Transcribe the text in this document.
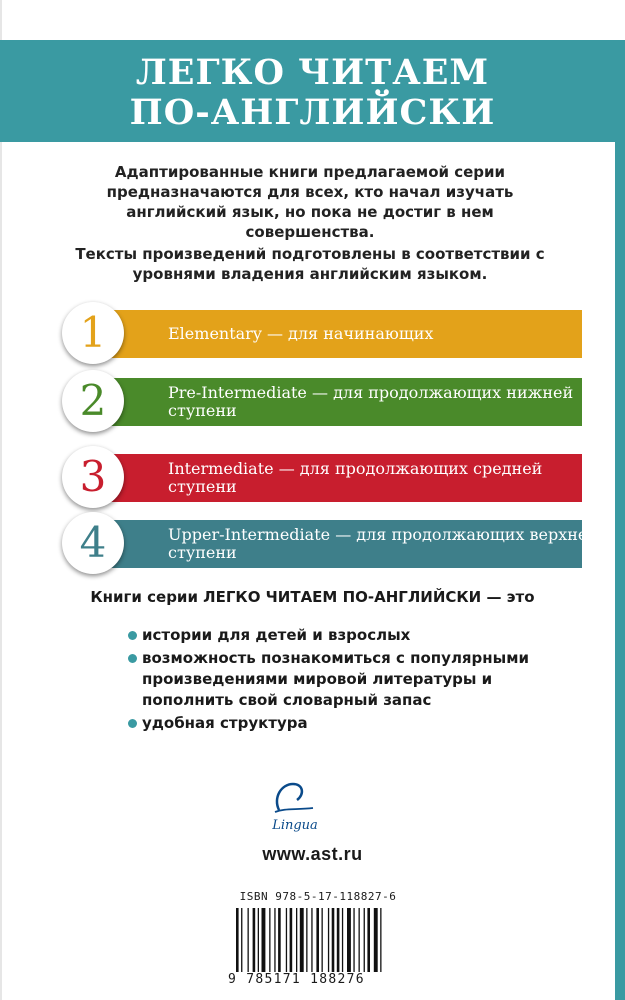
ЛЕГКО ЧИТАЕМ
ПО-АНГЛИЙСКИ
Адаптированные книги предлагаемой серии предназначаются для всех, кто начал изучать английский язык, но пока не достиг в нем совершенства.
Тексты произведений подготовлены в соответствии с уровнями владения английским языком.
Elementary — для начинающих
1
Pre-Intermediate — для продолжающих нижней ступени
2
Intermediate — для продолжающих средней ступени
3
Upper-Intermediate — для продолжающих верхней ступени
4
Книги серии ЛЕГКО ЧИТАЕМ ПО-АНГЛИЙСКИ — это
истории для детей и взрослых
возможность познакомиться с популярными произведениями мировой литературы и пополнить свой словарный запас
удобная структура
Lingua
www.ast.ru
ISBN 978-5-17-118827-6
9 785171 188276
